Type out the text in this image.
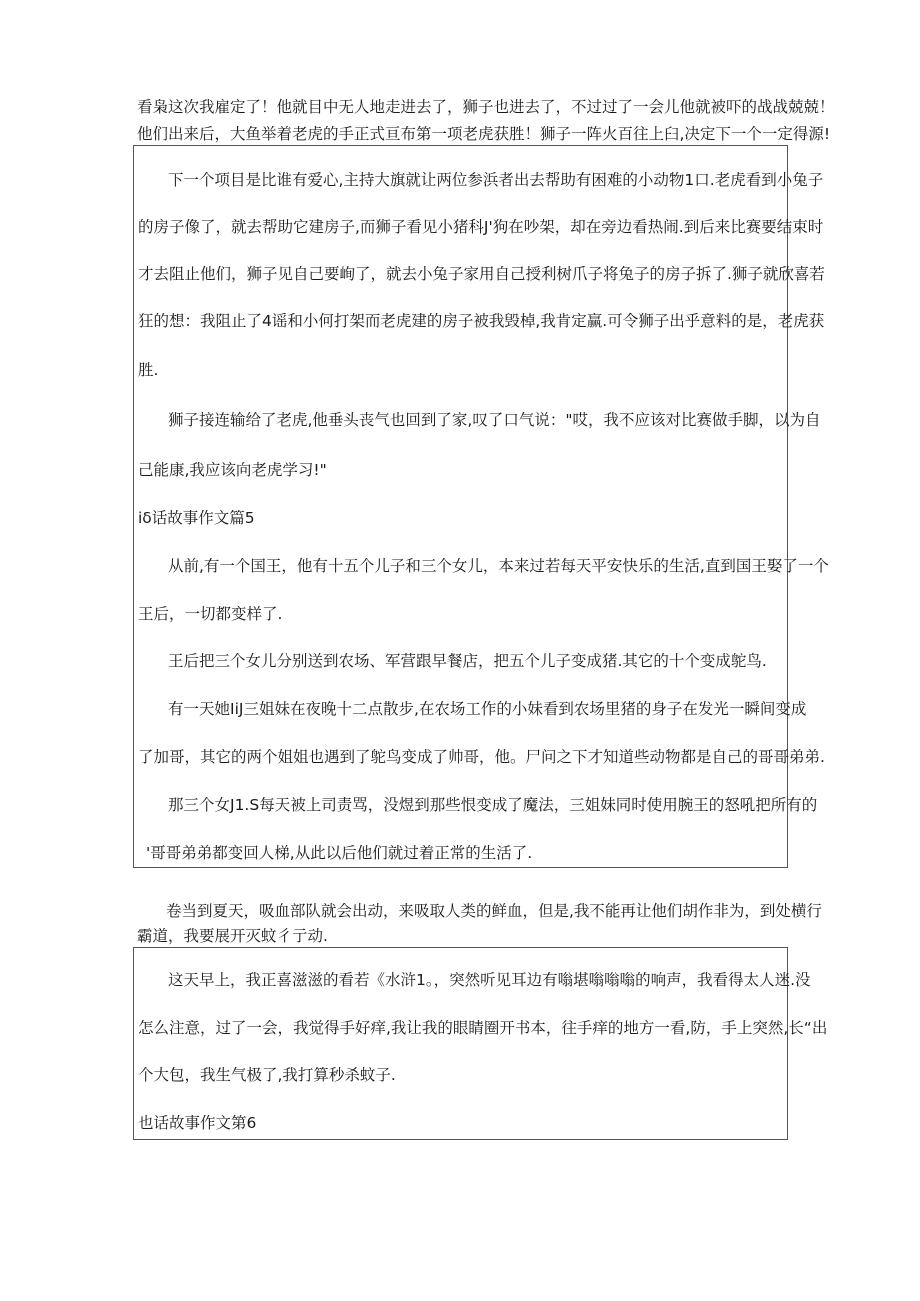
看枭这次我雇定了！他就目中无人地走进去了，狮子也进去了，不过过了一会儿他就被吓的战战兢兢！
他们出来后，大鱼举着老虎的手正式亘布第一项老虎获胜！狮子一阵火百往上臼,决定下一个一定得源!
下一个项目是比谁有爱心,主持大旗就让两位参浜者出去帮助有困难的小动物1口.老虎看到小兔子
的房子像了，就去帮助它建房子,而狮子看见小猪科J'狗在吵架，却在旁边看热闹.到后来比赛要结束时
才去阻止他们，狮子见自己要峋了，就去小兔子家用自己授利树爪子将兔子的房子拆了.狮子就欣喜若
狂的想：我阻止了4谣和小何打架而老虎建的房子被我毁棹,我肯定赢.可令狮子出乎意料的是，老虎获
胜.
狮子接连输给了老虎,他垂头丧气也回到了家,叹了口气说："哎，我不应该对比赛做手脚，以为自
己能康,我应该向老虎学习!"
iδ话故事作文篇5
从前,有一个国王，他有十五个儿子和三个女儿，本来过若每天平安快乐的生活,直到国王娶了一个
王后，一切都变样了.
王后把三个女儿分别送到农场、军营跟早餐店，把五个儿子变成猪.其它的十个变成鸵鸟.
有一天她IiJ三姐妹在夜晚十二点散步,在农场工作的小妹看到农场里猪的身子在发光一瞬间变成
了加哥，其它的两个姐姐也遇到了鸵鸟变成了帅哥，他。尸问之下才知道些动物都是自己的哥哥弟弟.
那三个女J1.S每天被上司责骂，没煜到那些恨变成了魔法，三姐妹同时使用腕王的怒吼把所有的
'哥哥弟弟都变回人梯,从此以后他们就过着正常的生活了.
卷当到夏天，吸血部队就会出动，来吸取人类的鲜血，但是,我不能再让他们胡作非为，到处横行
霸道，我要展开灭蚊彳亍动.
这天早上，我正喜滋滋的看若《水浒1。，突然听见耳边有嗡堪嗡嗡嗡的响声，我看得太人迷.没
怎么注意，过了一会，我觉得手好痒,我让我的眼睛圈开书本，往手痒的地方一看,防，手上突然,长“出
个大包，我生气极了,我打算秒杀蚊子.
也话故事作文第6
